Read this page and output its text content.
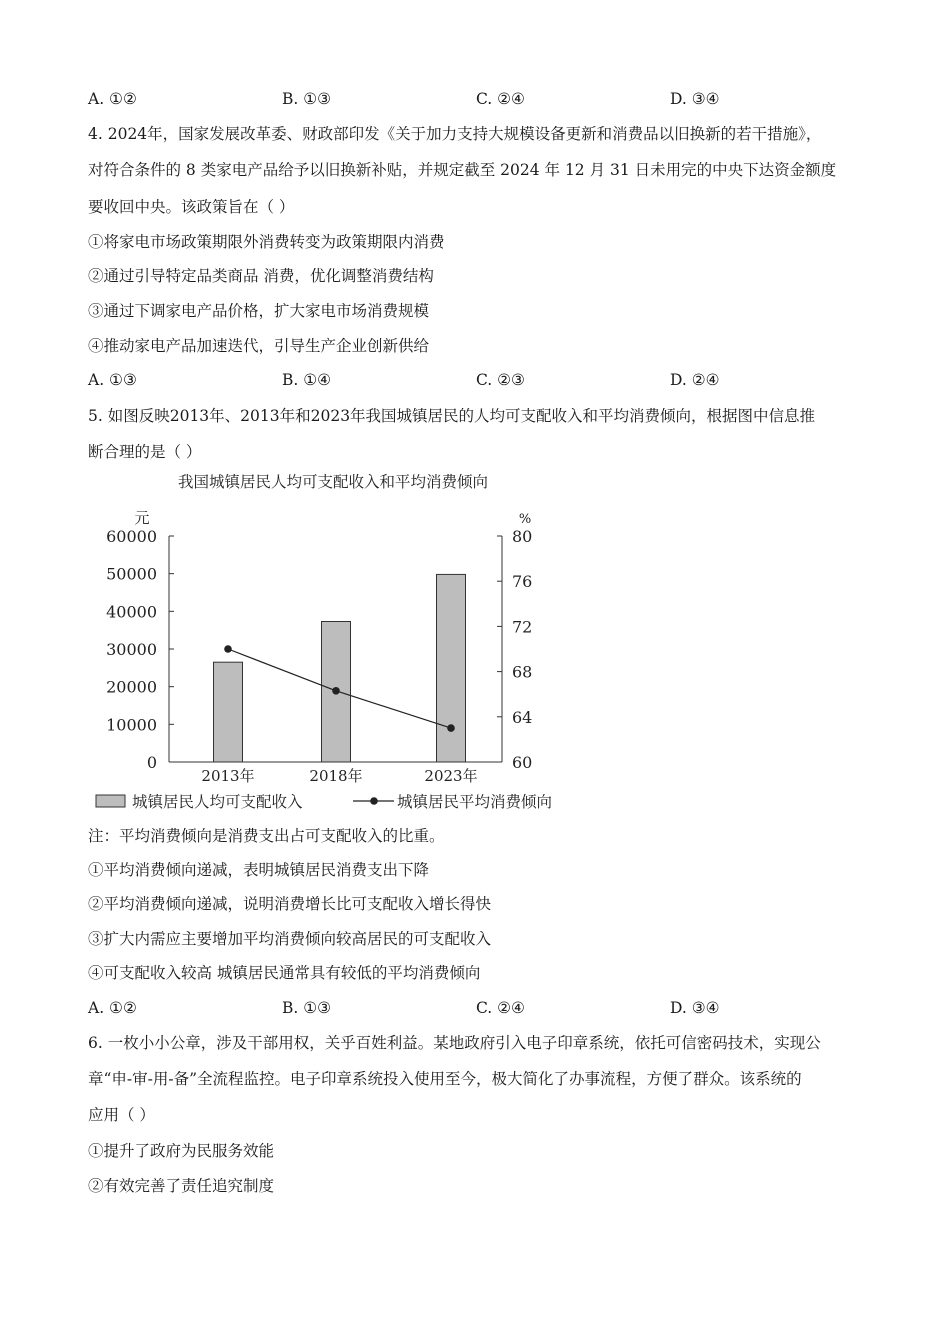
A. ①②	B. ①③	C. ②④	D. ③④
4. 2024年，国家发展改革委、财政部印发《关于加力支持大规模设备更新和消费品以旧换新的若干措施》，
对符合条件的 8 类家电产品给予以旧换新补贴，并规定截至 2024 年 12 月 31 日未用完的中央下达资金额度
要收回中央。该政策旨在（ ）
①将家电市场政策期限外消费转变为政策期限内消费
②通过引导特定品类商品 消费，优化调整消费结构
③通过下调家电产品价格，扩大家电市场消费规模
④推动家电产品加速迭代，引导生产企业创新供给
A. ①③	B. ①④	C. ②③	D. ②④
5. 如图反映2013年、2013年和2023年我国城镇居民的人均可支配收入和平均消费倾向，根据图中信息推
断合理的是（ ）
我国城镇居民人均可支配收入和平均消费倾向
元	%
0
10000
20000
30000
40000
50000
60000
60
64
68
72
76
80
2013年	2018年	2023年
城镇居民人均可支配收入	城镇居民平均消费倾向
注：平均消费倾向是消费支出占可支配收入的比重。
①平均消费倾向递减，表明城镇居民消费支出下降
②平均消费倾向递减，说明消费增长比可支配收入增长得快
③扩大内需应主要增加平均消费倾向较高居民的可支配收入
④可支配收入较高 城镇居民通常具有较低的平均消费倾向
A. ①②	B. ①③	C. ②④	D. ③④
6. 一枚小小公章，涉及干部用权，关乎百姓利益。某地政府引入电子印章系统，依托可信密码技术，实现公
章“申-审-用-备”全流程监控。电子印章系统投入使用至今，极大简化了办事流程，方便了群众。该系统的
应用（ ）
①提升了政府为民服务效能
②有效完善了责任追究制度
